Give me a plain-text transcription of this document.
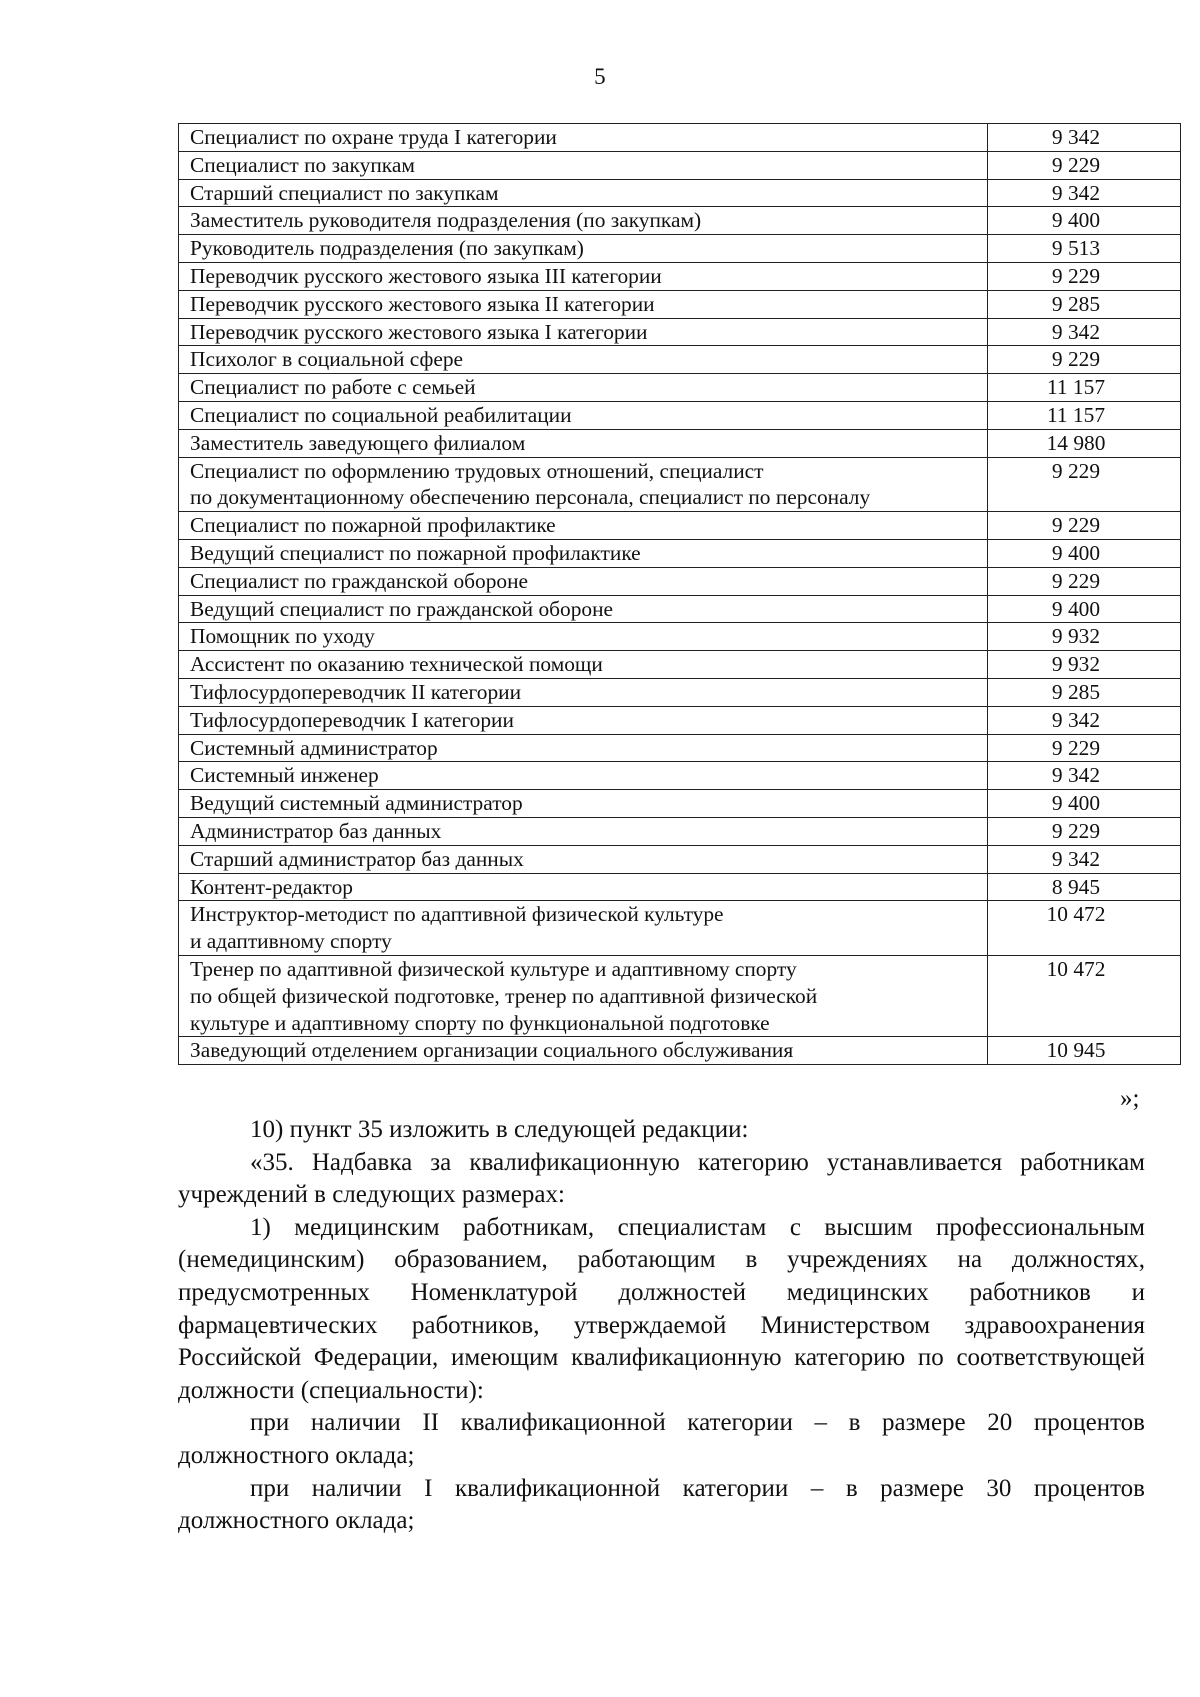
5
Специалист по охране труда I категории	9 342

Специалист по закупкам	9 229

Старший специалист по закупкам	9 342

Заместитель руководителя подразделения (по закупкам)	9 400

Руководитель подразделения (по закупкам)	9 513

Переводчик русского жестового языка III категории	9 229

Переводчик русского жестового языка II категории	9 285

Переводчик русского жестового языка I категории	9 342

Психолог в социальной сфере	9 229

Специалист по работе с семьей	11 157

Специалист по социальной реабилитации	11 157

Заместитель заведующего филиалом	14 980

Специалист по оформлению трудовых отношений, специалист
по документационному обеспечению персонала, специалист по персоналу	9 229

Специалист по пожарной профилактике	9 229

Ведущий специалист по пожарной профилактике	9 400

Специалист по гражданской обороне	9 229

Ведущий специалист по гражданской обороне	9 400

Помощник по уходу	9 932

Ассистент по оказанию технической помощи	9 932

Тифлосурдопереводчик II категории	9 285

Тифлосурдопереводчик I категории	9 342

Системный администратор	9 229

Системный инженер	9 342

Ведущий системный администратор	9 400

Администратор баз данных	9 229

Старший администратор баз данных	9 342

Контент-редактор	8 945

Инструктор-методист по адаптивной физической культуре
и адаптивному спорту	10 472

Тренер по адаптивной физической культуре и адаптивному спорту
по общей физической подготовке, тренер по адаптивной физической
культуре и адаптивному спорту по функциональной подготовке	10 472

Заведующий отделением организации социального обслуживания	10 945
»;

10) пункт 35 изложить в следующей редакции:

«35. Надбавка за квалификационную категорию устанавливается работникам учреждений в следующих размерах:

1) медицинским работникам, специалистам с высшим профессиональным (немедицинским) образованием, работающим в учреждениях на должностях, предусмотренных Номенклатурой должностей медицинских работников и фармацевтических работников, утверждаемой Министерством здравоохранения Российской Федерации, имеющим квалификационную категорию по соответствующей должности (специальности):

при наличии II квалификационной категории – в размере 20 процентов должностного оклада;

при наличии I квалификационной категории – в размере 30 процентов должностного оклада;
